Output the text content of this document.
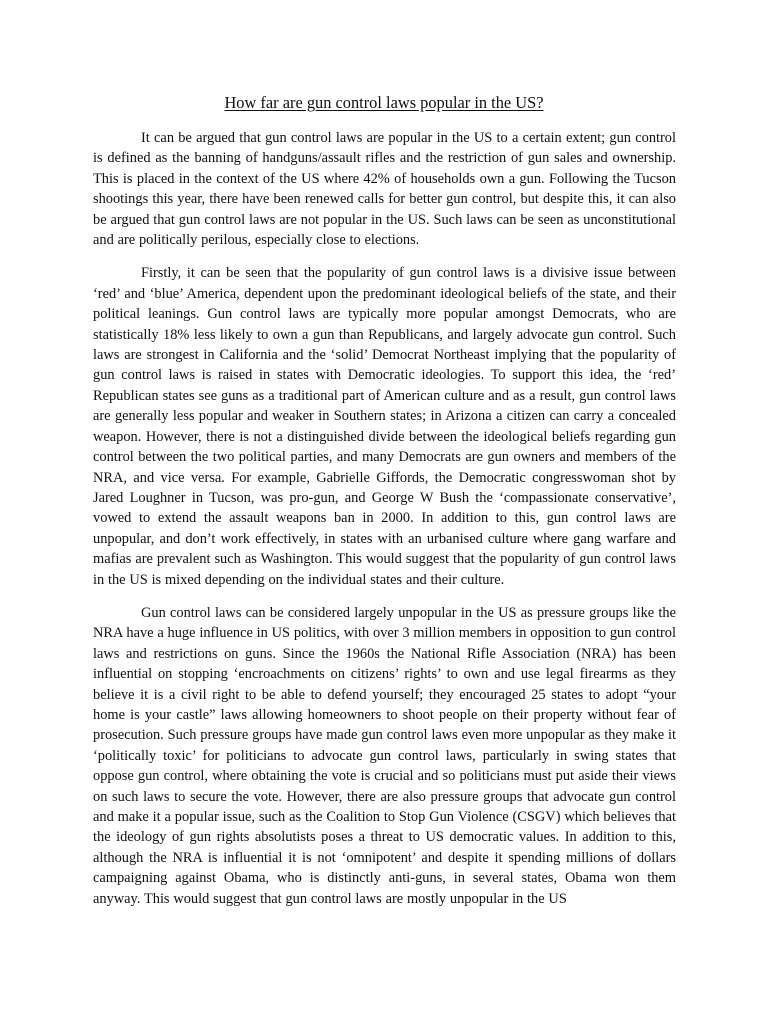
How far are gun control laws popular in the US?

It can be argued that gun control laws are popular in the US to a certain extent; gun control is defined as the banning of handguns/assault rifles and the restriction of gun sales and ownership. This is placed in the context of the US where 42% of households own a gun. Following the Tucson shootings this year, there have been renewed calls for better gun control, but despite this, it can also be argued that gun control laws are not popular in the US. Such laws can be seen as unconstitutional and are politically perilous, especially close to elections.

Firstly, it can be seen that the popularity of gun control laws is a divisive issue between ‘red’ and ‘blue’ America, dependent upon the predominant ideological beliefs of the state, and their political leanings. Gun control laws are typically more popular amongst Democrats, who are statistically 18% less likely to own a gun than Republicans, and largely advocate gun control. Such laws are strongest in California and the ‘solid’ Democrat Northeast implying that the popularity of gun control laws is raised in states with Democratic ideologies. To support this idea, the ‘red’ Republican states see guns as a traditional part of American culture and as a result, gun control laws are generally less popular and weaker in Southern states; in Arizona a citizen can carry a concealed weapon. However, there is not a distinguished divide between the ideological beliefs regarding gun control between the two political parties, and many Democrats are gun owners and members of the NRA, and vice versa. For example, Gabrielle Giffords, the Democratic congresswoman shot by Jared Loughner in Tucson, was pro-gun, and George W Bush the ‘compassionate conservative’, vowed to extend the assault weapons ban in 2000. In addition to this, gun control laws are unpopular, and don’t work effectively, in states with an urbanised culture where gang warfare and mafias are prevalent such as Washington. This would suggest that the popularity of gun control laws in the US is mixed depending on the individual states and their culture.

Gun control laws can be considered largely unpopular in the US as pressure groups like the NRA have a huge influence in US politics, with over 3 million members in opposition to gun control laws and restrictions on guns. Since the 1960s the National Rifle Association (NRA) has been influential on stopping ‘encroachments on citizens’ rights’ to own and use legal firearms as they believe it is a civil right to be able to defend yourself; they encouraged 25 states to adopt “your home is your castle” laws allowing homeowners to shoot people on their property without fear of prosecution. Such pressure groups have made gun control laws even more unpopular as they make it ‘politically toxic’ for politicians to advocate gun control laws, particularly in swing states that oppose gun control, where obtaining the vote is crucial and so politicians must put aside their views on such laws to secure the vote. However, there are also pressure groups that advocate gun control and make it a popular issue, such as the Coalition to Stop Gun Violence (CSGV) which believes that the ideology of gun rights absolutists poses a threat to US democratic values. In addition to this, although the NRA is influential it is not ‘omnipotent’ and despite it spending millions of dollars campaigning against Obama, who is distinctly anti-guns, in several states, Obama won them anyway. This would suggest that gun control laws are mostly unpopular in the US
